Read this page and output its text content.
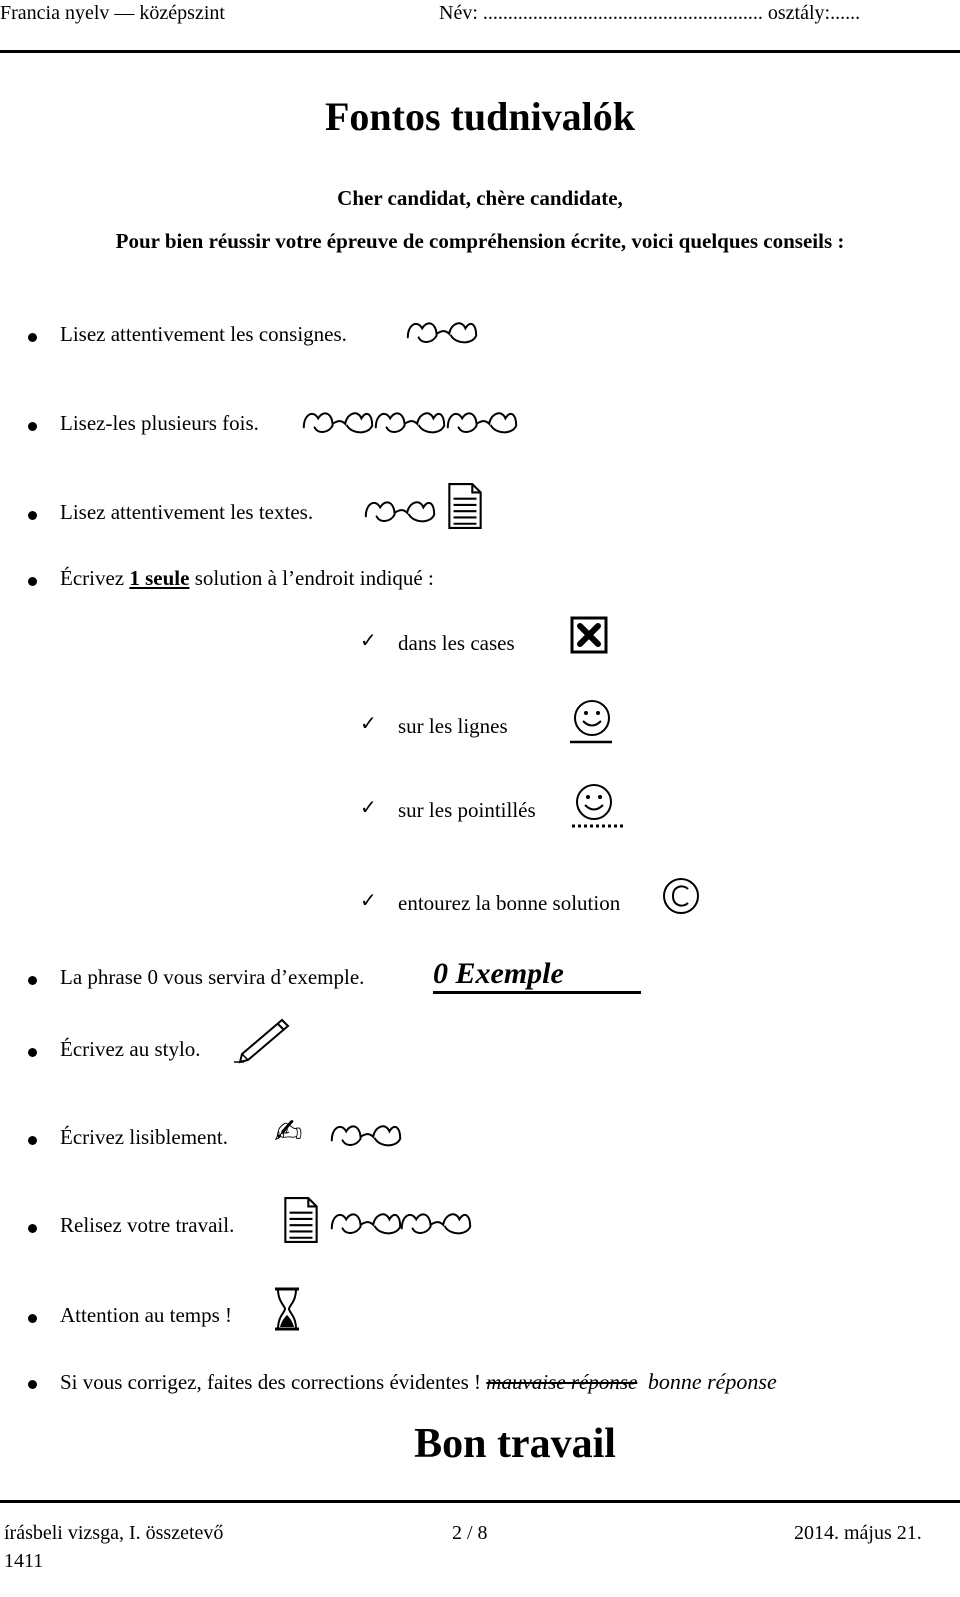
Francia nyelv — középszint	Név: ........................................................ osztály:......
Fontos tudnivalók
Cher candidat, chère candidate,
Pour bien réussir votre épreuve de compréhension écrite, voici quelques conseils :
Lisez attentivement les consignes.
Lisez-les plusieurs fois.
Lisez attentivement les textes.
Écrivez 1 seule solution à l’endroit indiqué :
✓ dans les cases
✓ sur les lignes
✓ sur les pointillés
✓ entourez la bonne solution
La phrase 0 vous servira d’exemple. 0 Exemple
Écrivez au stylo.
Écrivez lisiblement. ✍
Relisez votre travail.
Attention au temps !
Si vous corrigez, faites des corrections évidentes ! mauvaise réponse bonne réponse
Bon travail
írásbeli vizsga, I. összetevő
1411
2 / 8	2014. május 21.
